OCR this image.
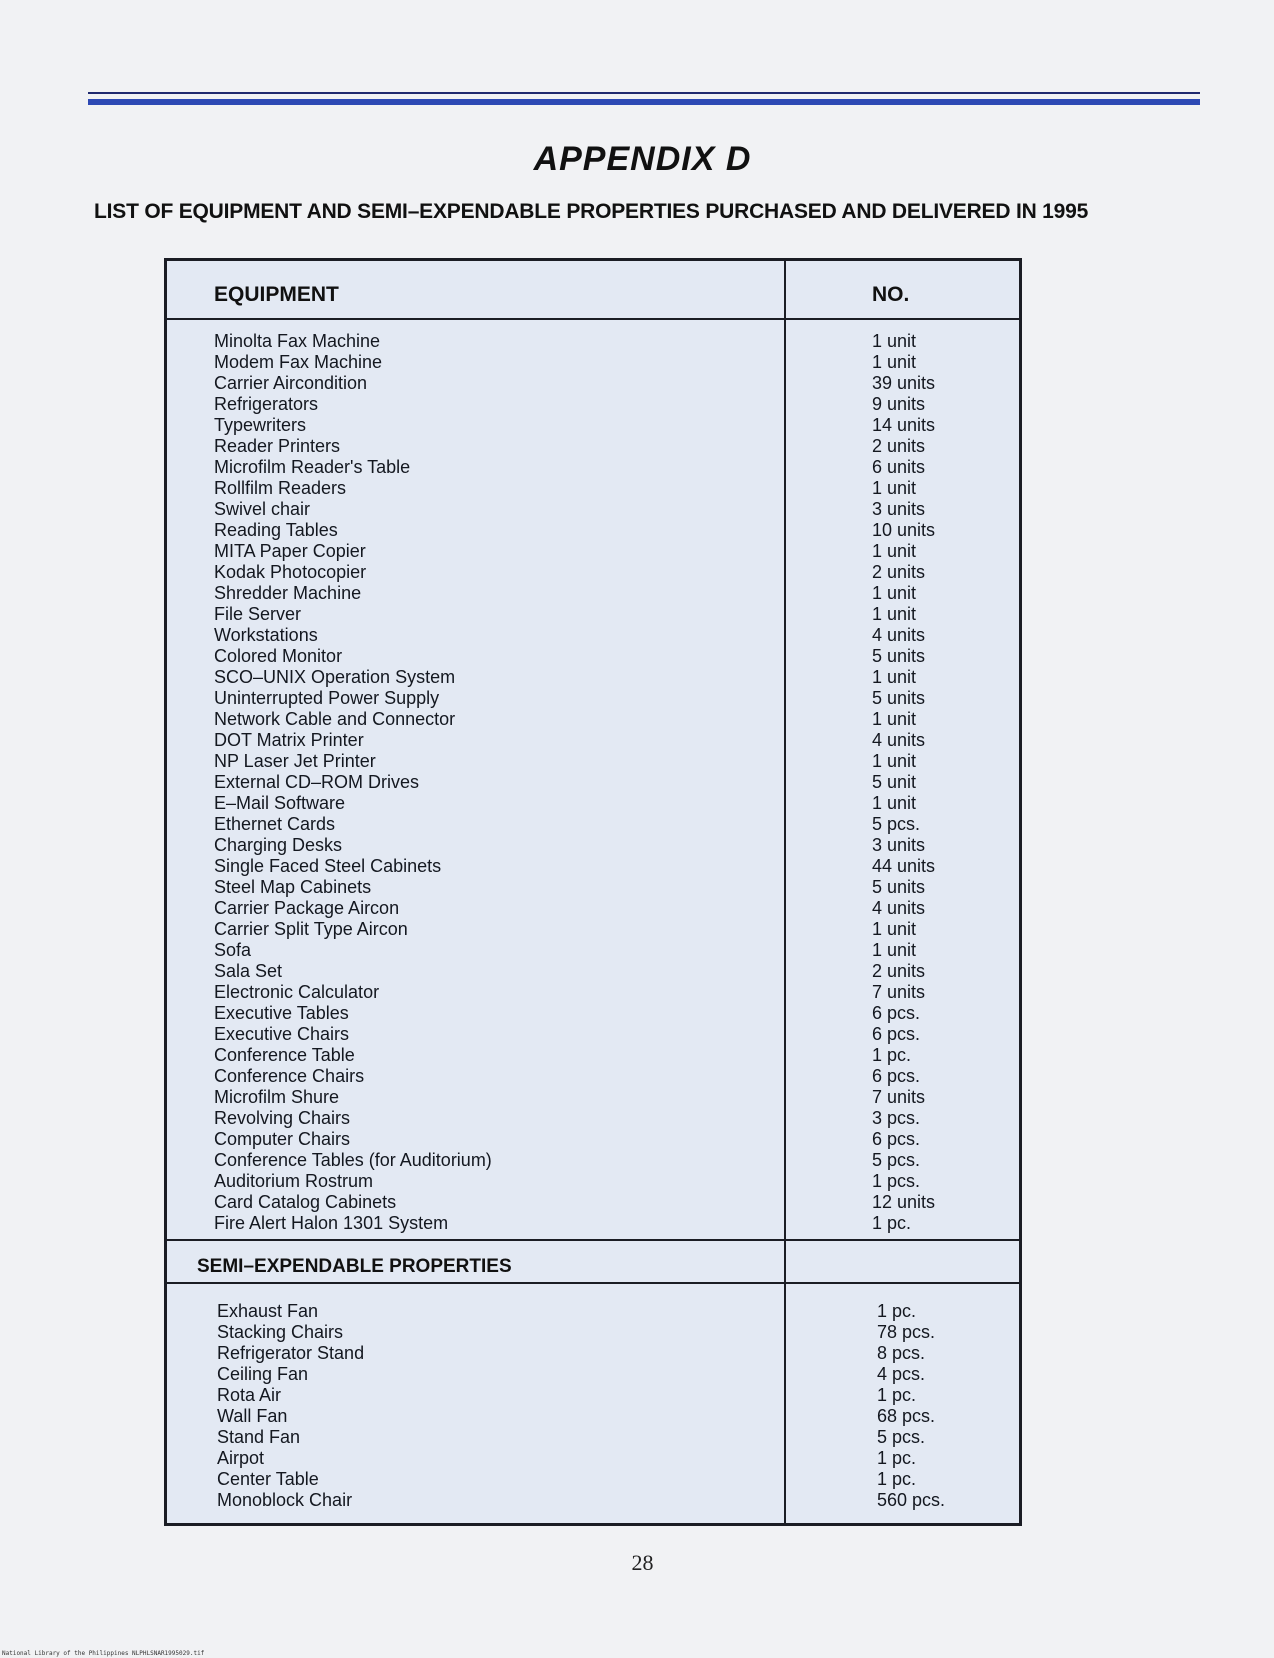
APPENDIX D
LIST OF EQUIPMENT AND SEMI–EXPENDABLE PROPERTIES PURCHASED AND DELIVERED IN 1995
EQUIPMENT	NO.
Minolta Fax Machine
Modem Fax Machine
Carrier Aircondition
Refrigerators
Typewriters
Reader Printers
Microfilm Reader's Table
Rollfilm Readers
Swivel chair
Reading Tables
MITA Paper Copier
Kodak Photocopier
Shredder Machine
File Server
Workstations
Colored Monitor
SCO–UNIX Operation System
Uninterrupted Power Supply
Network Cable and Connector
DOT Matrix Printer
NP Laser Jet Printer
External CD–ROM Drives
E–Mail Software
Ethernet Cards
Charging Desks
Single Faced Steel Cabinets
Steel Map Cabinets
Carrier Package Aircon
Carrier Split Type Aircon
Sofa
Sala Set
Electronic Calculator
Executive Tables
Executive Chairs
Conference Table
Conference Chairs
Microfilm Shure
Revolving Chairs
Computer Chairs
Conference Tables (for Auditorium)
Auditorium Rostrum
Card Catalog Cabinets
Fire Alert Halon 1301 System
1 unit
1 unit
39 units
9 units
14 units
2 units
6 units
1 unit
3 units
10 units
1 unit
2 units
1 unit
1 unit
4 units
5 units
1 unit
5 units
1 unit
4 units
1 unit
5 unit
1 unit
5 pcs.
3 units
44 units
5 units
4 units
1 unit
1 unit
2 units
7 units
6 pcs.
6 pcs.
1 pc.
6 pcs.
7 units
3 pcs.
6 pcs.
5 pcs.
1 pcs.
12 units
1 pc.
SEMI–EXPENDABLE PROPERTIES
Exhaust Fan
Stacking Chairs
Refrigerator Stand
Ceiling Fan
Rota Air
Wall Fan
Stand Fan
Airpot
Center Table
Monoblock Chair
1 pc.
78 pcs.
8 pcs.
4 pcs.
1 pc.
68 pcs.
5 pcs.
1 pc.
1 pc.
560 pcs.
28
National Library of the Philippines NLPHLSNAR1995029.tif
